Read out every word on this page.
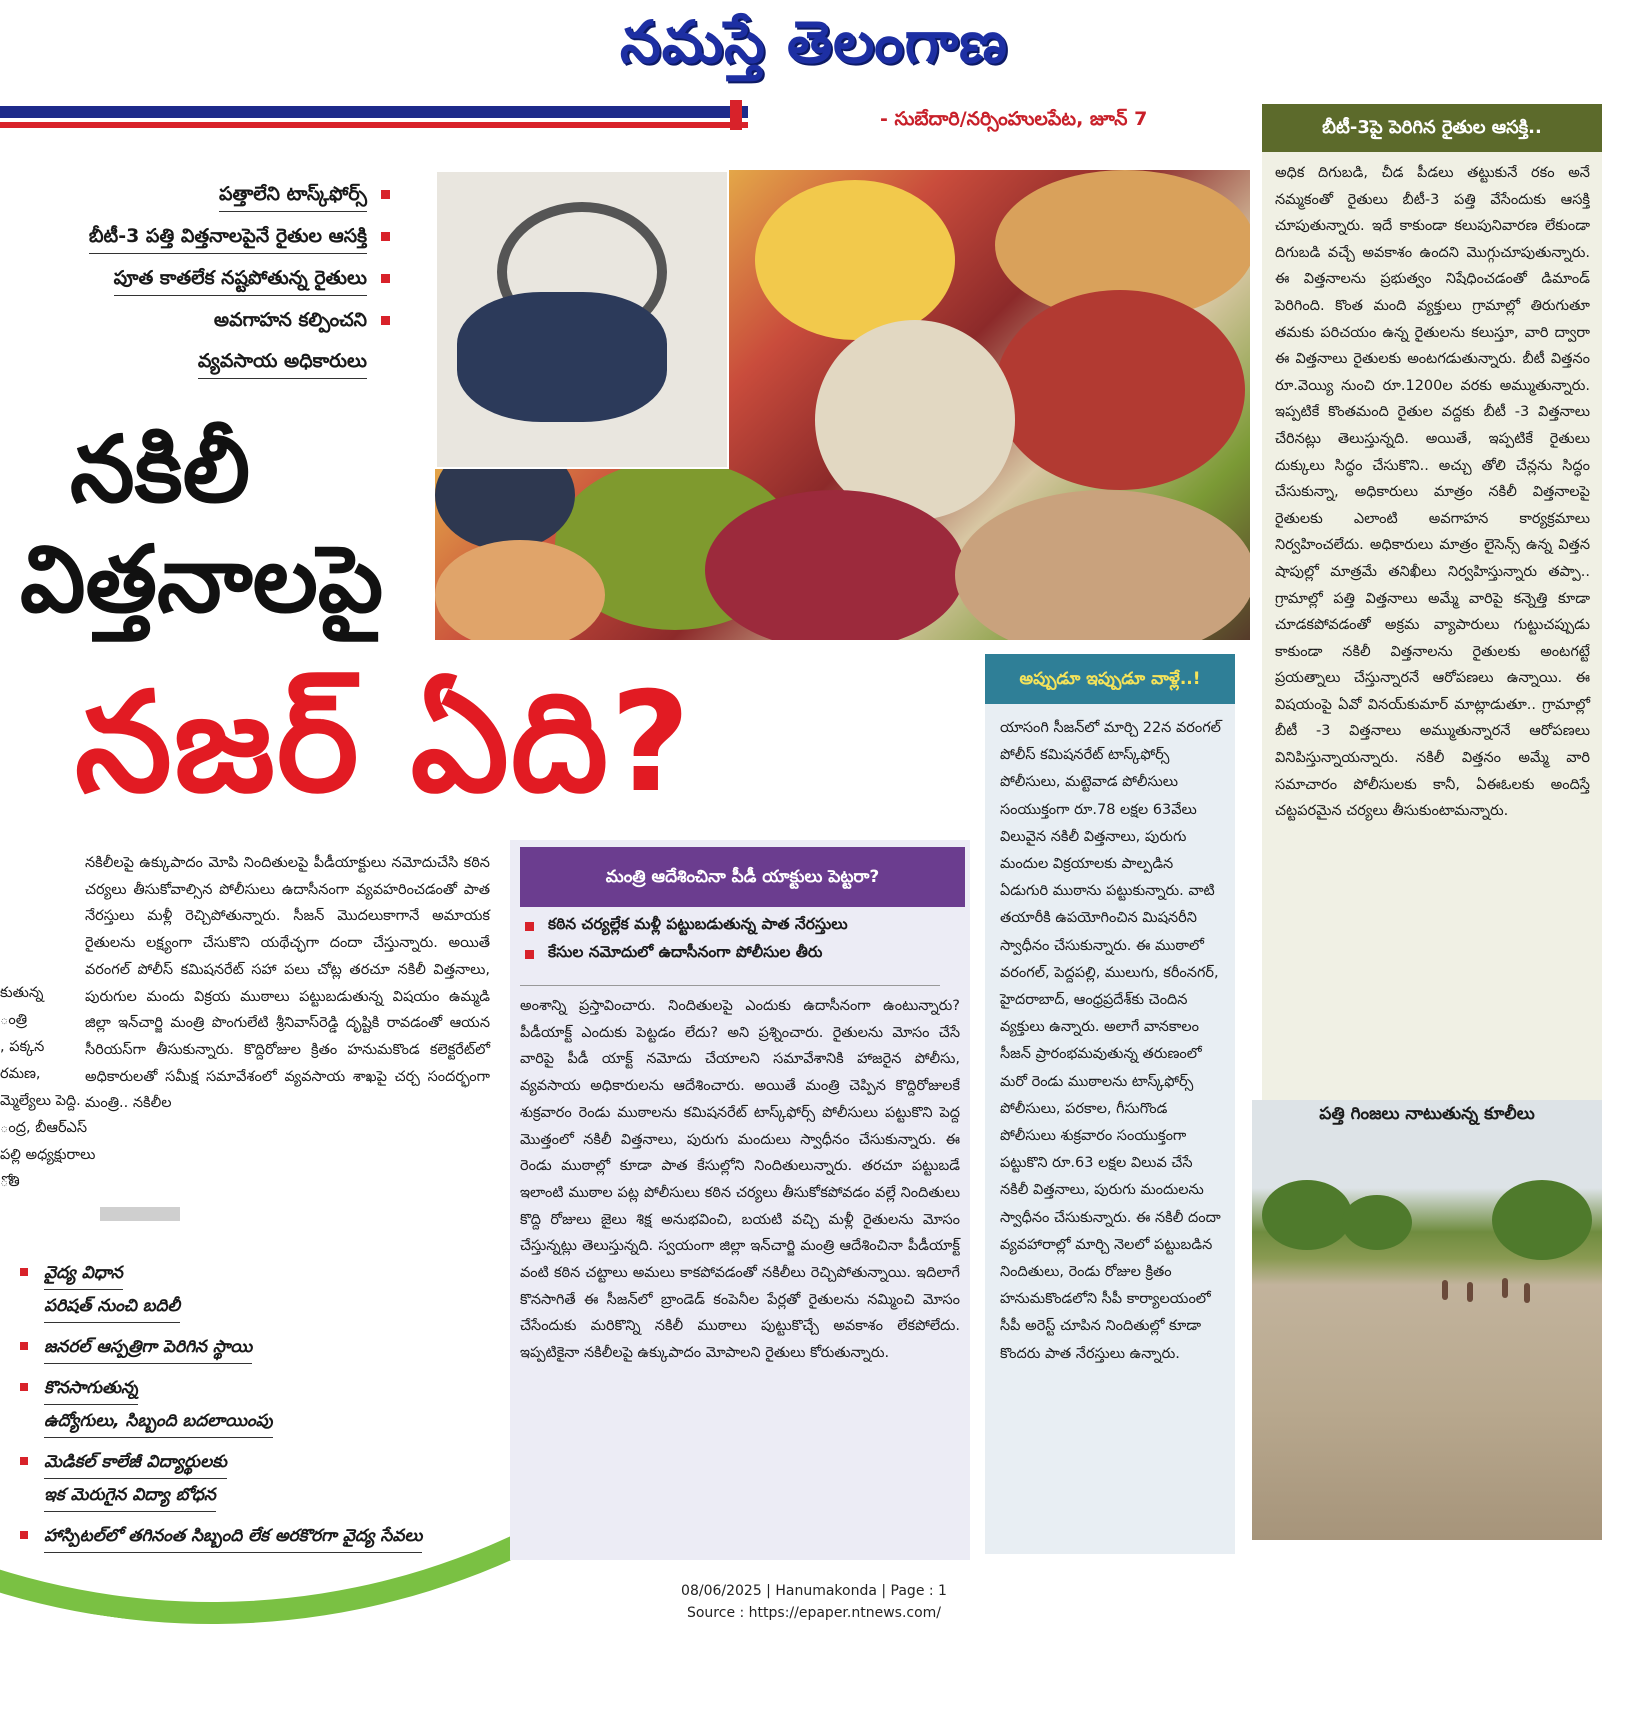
నమస్తే తెలంగాణ
- సుబేదారి/నర్సింహులపేట, జూన్ 7
పత్తాలేని టాస్క్‌ఫోర్స్
బీటీ-3 పత్తి విత్తనాలపైనే రైతుల ఆసక్తి
పూత కాతలేక నష్టపోతున్న రైతులు
అవగాహన కల్పించని
వ్యవసాయ అధికారులు
నకిలీ
విత్తనాలపై
నజర్ ఏది?
బీటీ-3పై పెరిగిన రైతుల ఆసక్తి..
అధిక దిగుబడి, చీడ పీడలు తట్టుకునే రకం అనే నమ్మకంతో రైతులు బీటీ-3 పత్తి వేసేందుకు ఆసక్తి చూపుతున్నారు. ఇదే కాకుండా కలుపునివారణ లేకుండా దిగుబడి వచ్చే అవకాశం ఉందని మొగ్గుచూపుతున్నారు. ఈ విత్తనాలను ప్రభుత్వం నిషేధించడంతో డిమాండ్ పెరిగింది. కొంత మంది వ్యక్తులు గ్రామాల్లో తిరుగుతూ తమకు పరిచయం ఉన్న రైతులను కలుస్తూ, వారి ద్వారా ఈ విత్తనాలు రైతులకు అంటగడుతున్నారు. బీటీ విత్తనం రూ.వెయ్యి నుంచి రూ.1200ల వరకు అమ్ముతున్నారు. ఇప్పటికే కొంతమంది రైతుల వద్దకు బీటీ -3 విత్తనాలు చేరినట్లు తెలుస్తున్నది. అయితే, ఇప్పటికే రైతులు దుక్కులు సిద్ధం చేసుకొని.. అచ్చు తోలి చేన్లను సిద్ధం చేసుకున్నా, అధికారులు మాత్రం నకిలీ విత్తనాలపై రైతులకు ఎలాంటి అవగాహన కార్యక్రమాలు నిర్వహించలేదు. అధికారులు మాత్రం లైసెన్స్ ఉన్న విత్తన షాపుల్లో మాత్రమే తనిఖీలు నిర్వహిస్తున్నారు తప్పా.. గ్రామాల్లో పత్తి విత్తనాలు అమ్మే వారిపై కన్నెత్తి కూడా చూడకపోవడంతో అక్రమ వ్యాపారులు గుట్టుచప్పుడు కాకుండా నకిలీ విత్తనాలను రైతులకు అంటగట్టే ప్రయత్నాలు చేస్తున్నారనే ఆరోపణలు ఉన్నాయి. ఈ విషయంపై ఏవో వినయ్‌కుమార్ మాట్లాడుతూ.. గ్రామాల్లో బీటీ -3 విత్తనాలు అమ్ముతున్నారనే ఆరోపణలు వినిపిస్తున్నాయన్నారు. నకిలీ విత్తనం అమ్మే వారి సమాచారం పోలీసులకు కానీ, ఏఈఓలకు అందిస్తే చట్టపరమైన చర్యలు తీసుకుంటామన్నారు.
నకిలీలపై ఉక్కుపాదం మోపి నిందితులపై పీడీయాక్టులు నమోదుచేసి కఠిన చర్యలు తీసుకోవాల్సిన పోలీసులు ఉదాసీనంగా వ్యవహరించడంతో పాత నేరస్తులు మళ్లీ రెచ్చిపోతున్నారు. సీజన్ మొదలుకాగానే అమాయక రైతులను లక్ష్యంగా చేసుకొని యథేచ్ఛగా దందా చేస్తున్నారు. అయితే వరంగల్ పోలీస్ కమిషనరేట్ సహా పలు చోట్ల తరచూ నకిలీ విత్తనాలు, పురుగుల మందు విక్రయ ముఠాలు పట్టుబడుతున్న విషయం ఉమ్మడి జిల్లా ఇన్‌చార్జి మంత్రి పొంగులేటి శ్రీనివాస్‌రెడ్డి దృష్టికి రావడంతో ఆయన సీరియస్‌గా తీసుకున్నారు. కొద్దిరోజుల క్రితం హనుమకొండ కలెక్టరేట్‌లో అధికారులతో సమీక్ష సమావేశంలో వ్యవసాయ శాఖపై చర్చ సందర్భంగా మంత్రి.. నకిలీల
మంత్రి ఆదేశించినా పీడీ యాక్టులు పెట్టరా?
కఠిన చర్యల్లేక మళ్లీ పట్టుబడుతున్న పాత నేరస్తులు
కేసుల నమోదులో ఉదాసీనంగా పోలీసుల తీరు
అంశాన్ని ప్రస్తావించారు. నిందితులపై ఎందుకు ఉదాసీనంగా ఉంటున్నారు? పీడీయాక్ట్ ఎందుకు పెట్టడం లేదు? అని ప్రశ్నించారు. రైతులను మోసం చేసే వారిపై పీడీ యాక్ట్ నమోదు చేయాలని సమావేశానికి హాజరైన పోలీసు, వ్యవసాయ అధికారులను ఆదేశించారు. అయితే మంత్రి చెప్పిన కొద్దిరోజులకే శుక్రవారం రెండు ముఠాలను కమిషనరేట్ టాస్క్‌ఫోర్స్ పోలీసులు పట్టుకొని పెద్ద మొత్తంలో నకిలీ విత్తనాలు, పురుగు మందులు స్వాధీనం చేసుకున్నారు. ఈ రెండు ముఠాల్లో కూడా పాత కేసుల్లోని నిందితులున్నారు. తరచూ పట్టుబడే ఇలాంటి ముఠాల పట్ల పోలీసులు కఠిన చర్యలు తీసుకోకపోవడం వల్లే నిందితులు కొద్ది రోజులు జైలు శిక్ష అనుభవించి, బయటి వచ్చి మళ్లీ రైతులను మోసం చేస్తున్నట్లు తెలుస్తున్నది. స్వయంగా జిల్లా ఇన్‌చార్జి మంత్రి ఆదేశించినా పీడీయాక్ట్ వంటి కఠిన చట్టాలు అమలు కాకపోవడంతో నకిలీలు రెచ్చిపోతున్నాయి. ఇదిలాగే కొనసాగితే ఈ సీజన్‌లో బ్రాండెడ్ కంపెనీల పేర్లతో రైతులను నమ్మించి మోసం చేసేందుకు మరికొన్ని నకిలీ ముఠాలు పుట్టుకొచ్చే అవకాశం లేకపోలేదు. ఇప్పటికైనా నకిలీలపై ఉక్కుపాదం మోపాలని రైతులు కోరుతున్నారు.
అప్పుడూ ఇప్పుడూ వాళ్లే..!
యాసంగి సీజన్‌లో మార్చి 22న వరంగల్ పోలీస్ కమిషనరేట్ టాస్క్‌ఫోర్స్ పోలీసులు, మట్టెవాడ పోలీసులు సంయుక్తంగా రూ.78 లక్షల 63వేలు విలువైన నకిలీ విత్తనాలు, పురుగు మందుల విక్రయాలకు పాల్పడిన ఏడుగురి ముఠాను పట్టుకున్నారు. వాటి తయారీకి ఉపయోగించిన మిషనరీని స్వాధీనం చేసుకున్నారు. ఈ ముఠాలో వరంగల్, పెద్దపల్లి, ములుగు, కరీంనగర్, హైదరాబాద్, ఆంధ్రప్రదేశ్‌కు చెందిన వ్యక్తులు ఉన్నారు. అలాగే వానకాలం సీజన్ ప్రారంభమవుతున్న తరుణంలో మరో రెండు ముఠాలను టాస్క్‌ఫోర్స్ పోలీసులు, పరకాల, గీసుగొండ పోలీసులు శుక్రవారం సంయుక్తంగా పట్టుకొని రూ.63 లక్షల విలువ చేసే నకిలీ విత్తనాలు, పురుగు మందులను స్వాధీనం చేసుకున్నారు. ఈ నకిలీ దందా వ్యవహారాల్లో మార్చి నెలలో పట్టుబడిన నిందితులు, రెండు రోజుల క్రితం హనుమకొండలోని సీపీ కార్యాలయంలో సీపీ అరెస్ట్ చూపిన నిందితుల్లో కూడా కొందరు పాత నేరస్తులు ఉన్నారు.
పత్తి గింజలు నాటుతున్న కూలీలు
కుతున్న
ంత్రి
, పక్కన
రమణ,
మ్మెల్యేలు పెద్ది.
ంద్ర, బీఆర్ఎస్
పల్లి అధ్యక్షురాలు
ోతి
వైద్య విధాన
పరిషత్ నుంచి బదిలీ
జనరల్ ఆస్పత్రిగా పెరిగిన స్థాయి
కొనసాగుతున్న
ఉద్యోగులు, సిబ్బంది బదలాయింపు
మెడికల్ కాలేజీ విద్యార్థులకు
ఇక మెరుగైన విద్యా బోధన
హాస్పిటల్‌లో తగినంత సిబ్బంది లేక అరకొరగా వైద్య సేవలు
08/06/2025 | Hanumakonda | Page : 1
Source : https://epaper.ntnews.com/
